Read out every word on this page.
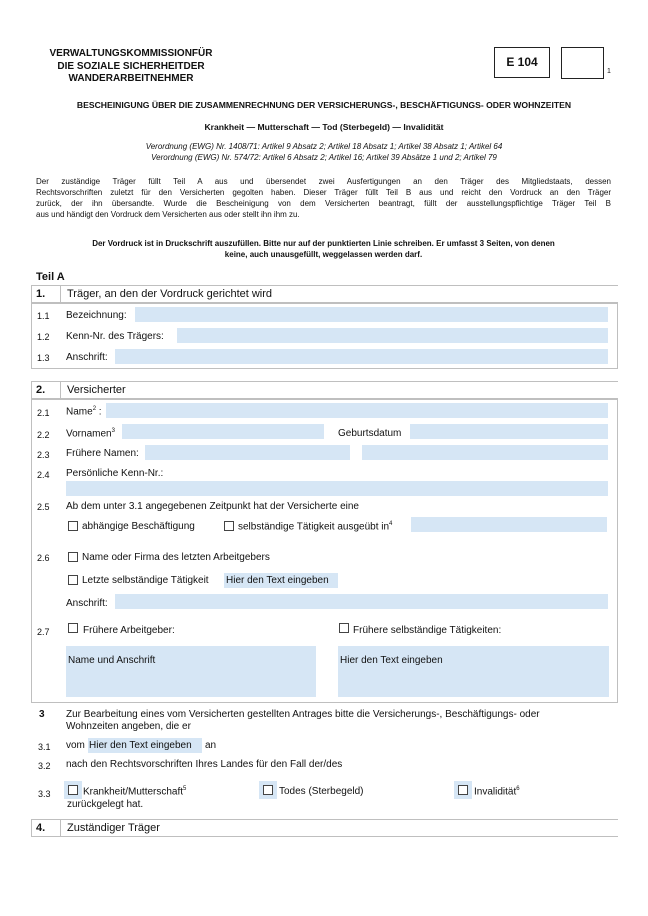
VERWALTUNGSKOMMISSIONFÜR
DIE SOZIALE SICHERHEITDER
WANDERARBEITNEHMER
E 104
1
BESCHEINIGUNG ÜBER DIE ZUSAMMENRECHNUNG DER VERSICHERUNGS-, BESCHÄFTIGUNGS- ODER WOHNZEITEN
Krankheit — Mutterschaft — Tod (Sterbegeld) — Invalidität
Verordnung (EWG) Nr. 1408/71: Artikel 9 Absatz 2; Artikel 18 Absatz 1; Artikel 38 Absatz 1; Artikel 64
Verordnung (EWG) Nr. 574/72: Artikel 6 Absatz 2; Artikel 16; Artikel 39 Absätze 1 und 2; Artikel 79
Der zuständige Träger füllt Teil A aus und übersendet zwei Ausfertigungen an den Träger des Mitgliedstaats, dessen
Rechtsvorschriften zuletzt für den Versicherten gegolten haben. Dieser Träger füllt Teil B aus und reicht den Vordruck an den Träger
zurück, der ihn übersandte. Wurde die Bescheinigung von dem Versicherten beantragt, füllt der ausstellungspflichtige Träger Teil B
aus und händigt den Vordruck dem Versicherten aus oder stellt ihn ihm zu.
Der Vordruck ist in Druckschrift auszufüllen. Bitte nur auf der punktierten Linie schreiben. Er umfasst 3 Seiten, von denen
keine, auch unausgefüllt, weggelassen werden darf.
Teil A
1. Träger, an den der Vordruck gerichtet wird
1.1 Bezeichnung:
1.2 Kenn-Nr. des Trägers:
1.3 Anschrift:
2. Versicherter
2.1 Name$^2$ :
2.2 Vornamen$^3$	Geburtsdatum
2.3 Frühere Namen:
2.4 Persönliche Kenn-Nr.:
2.5 Ab dem unter 3.1 angegebenen Zeitpunkt hat der Versicherte eine
abhängige Beschäftigung	selbständige Tätigkeit ausgeübt $in^4$
2.6	Name oder Firma des letzten Arbeitgebers
Letzte selbständige Tätigkeit Hier den Text eingeben
Anschrift:
2.7	Frühere Arbeitgeber:	Frühere selbständige Tätigkeiten:
Name und Anschrift	Hier den Text eingeben
3 Zur Bearbeitung eines vom Versicherten gestellten Antrages bitte die Versicherungs-, Beschäftigungs- oder
Wohnzeiten angeben, die er
3.1 vom Hier den Text eingeben an
3.2 nach den Rechtsvorschriften Ihres Landes für den Fall der/des
3.3	Krankheit/Mutterschaft$^5$	Todes (Sterbegeld)	Invalidität$^6$
zurückgelegt hat.
4. Zuständiger Träger
